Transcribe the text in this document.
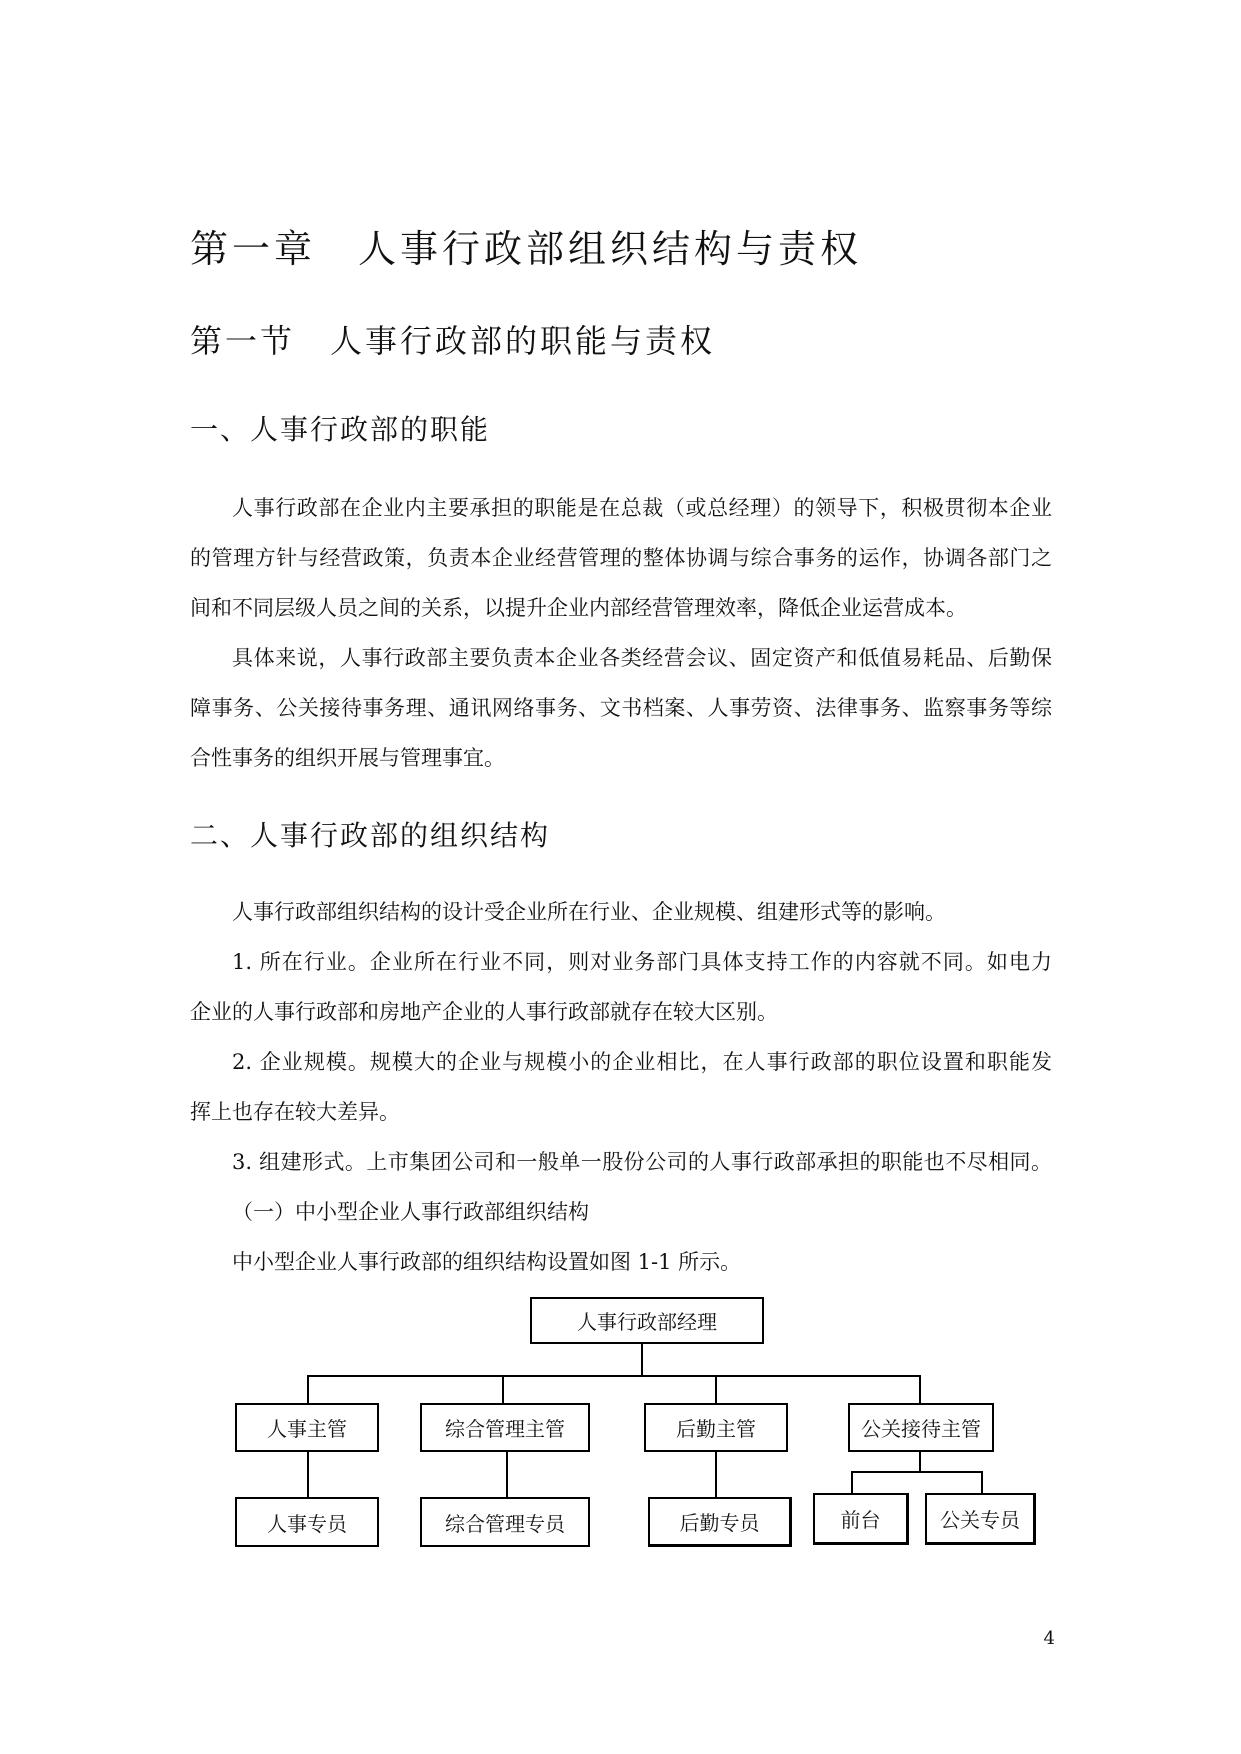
第一章　人事行政部组织结构与责权
第一节　人事行政部的职能与责权
一、人事行政部的职能
人事行政部在企业内主要承担的职能是在总裁（或总经理）的领导下，积极贯彻本企业
的管理方针与经营政策，负责本企业经营管理的整体协调与综合事务的运作，协调各部门之
间和不同层级人员之间的关系，以提升企业内部经营管理效率，降低企业运营成本。
具体来说，人事行政部主要负责本企业各类经营会议、固定资产和低值易耗品、后勤保
障事务、公关接待事务理、通讯网络事务、文书档案、人事劳资、法律事务、监察事务等综
合性事务的组织开展与管理事宜。
二、人事行政部的组织结构
人事行政部组织结构的设计受企业所在行业、企业规模、组建形式等的影响。
1. 所在行业。企业所在行业不同，则对业务部门具体支持工作的内容就不同。如电力
企业的人事行政部和房地产企业的人事行政部就存在较大区别。
2. 企业规模。规模大的企业与规模小的企业相比，在人事行政部的职位设置和职能发
挥上也存在较大差异。
3. 组建形式。上市集团公司和一般单一股份公司的人事行政部承担的职能也不尽相同。
（一）中小型企业人事行政部组织结构
中小型企业人事行政部的组织结构设置如图 1-1 所示。
人事行政部经理
人事主管	综合管理主管	后勤主管	公关接待主管
人事专员	综合管理专员	后勤专员	前台	公关专员
4
